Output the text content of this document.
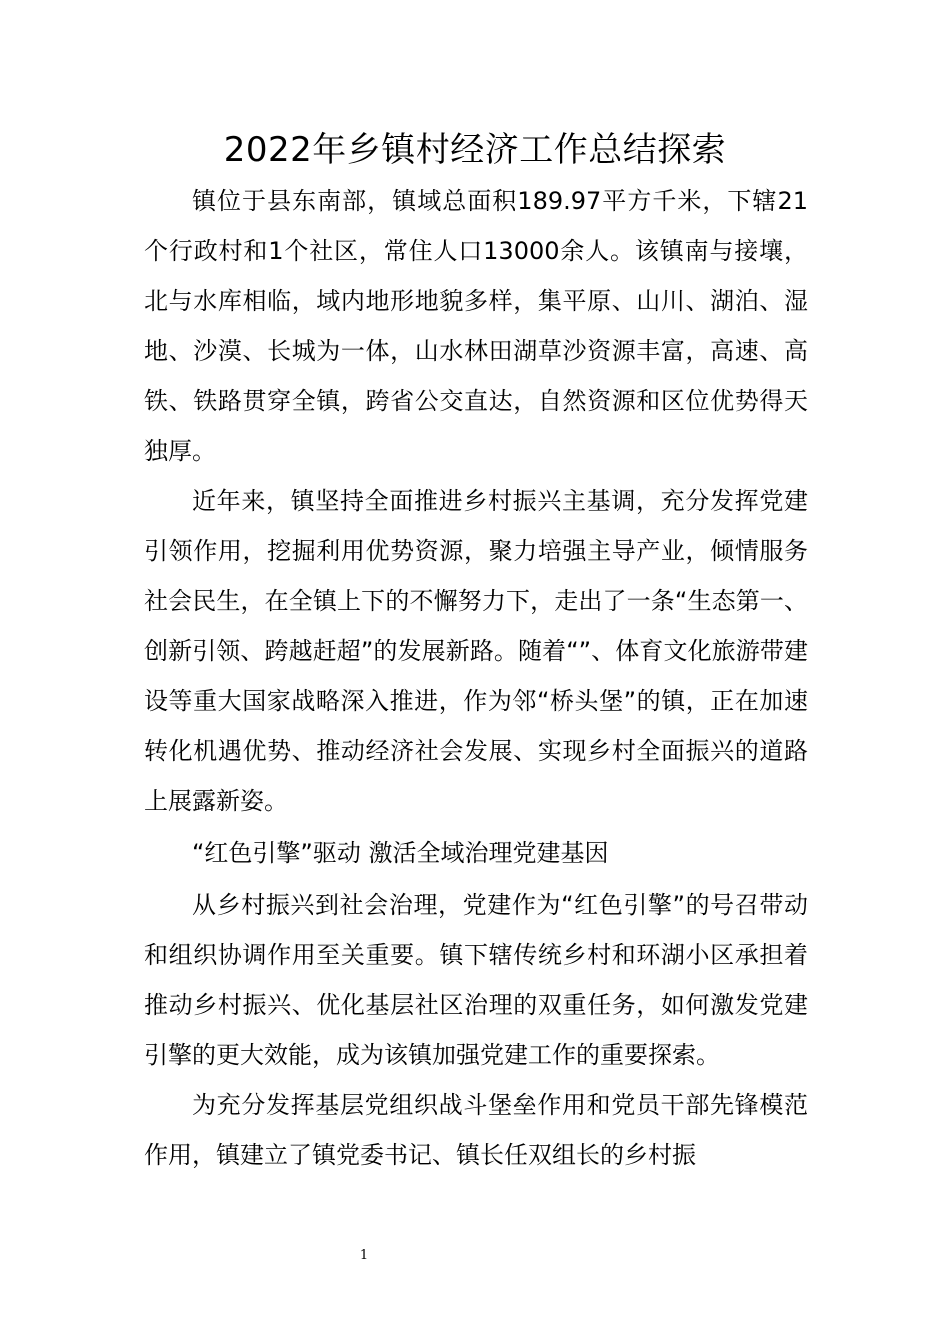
2022年乡镇村经济工作总结探索

镇位于县东南部，镇域总面积189.97平方千米，下辖21个行政村和1个社区，常住人口13000余人。该镇南与接壤，北与水库相临，域内地形地貌多样，集平原、山川、湖泊、湿地、沙漠、长城为一体，山水林田湖草沙资源丰富，高速、高铁、铁路贯穿全镇，跨省公交直达，自然资源和区位优势得天独厚。

近年来，镇坚持全面推进乡村振兴主基调，充分发挥党建引领作用，挖掘利用优势资源，聚力培强主导产业，倾情服务社会民生，在全镇上下的不懈努力下，走出了一条“生态第一、创新引领、跨越赶超”的发展新路。随着“”、体育文化旅游带建设等重大国家战略深入推进，作为邻“桥头堡”的镇，正在加速转化机遇优势、推动经济社会发展、实现乡村全面振兴的道路上展露新姿。

“红色引擎”驱动 激活全域治理党建基因

从乡村振兴到社会治理，党建作为“红色引擎”的号召带动和组织协调作用至关重要。镇下辖传统乡村和环湖小区承担着推动乡村振兴、优化基层社区治理的双重任务，如何激发党建引擎的更大效能，成为该镇加强党建工作的重要探索。

为充分发挥基层党组织战斗堡垒作用和党员干部先锋模范作用，镇建立了镇党委书记、镇长任双组长的乡村振

1
